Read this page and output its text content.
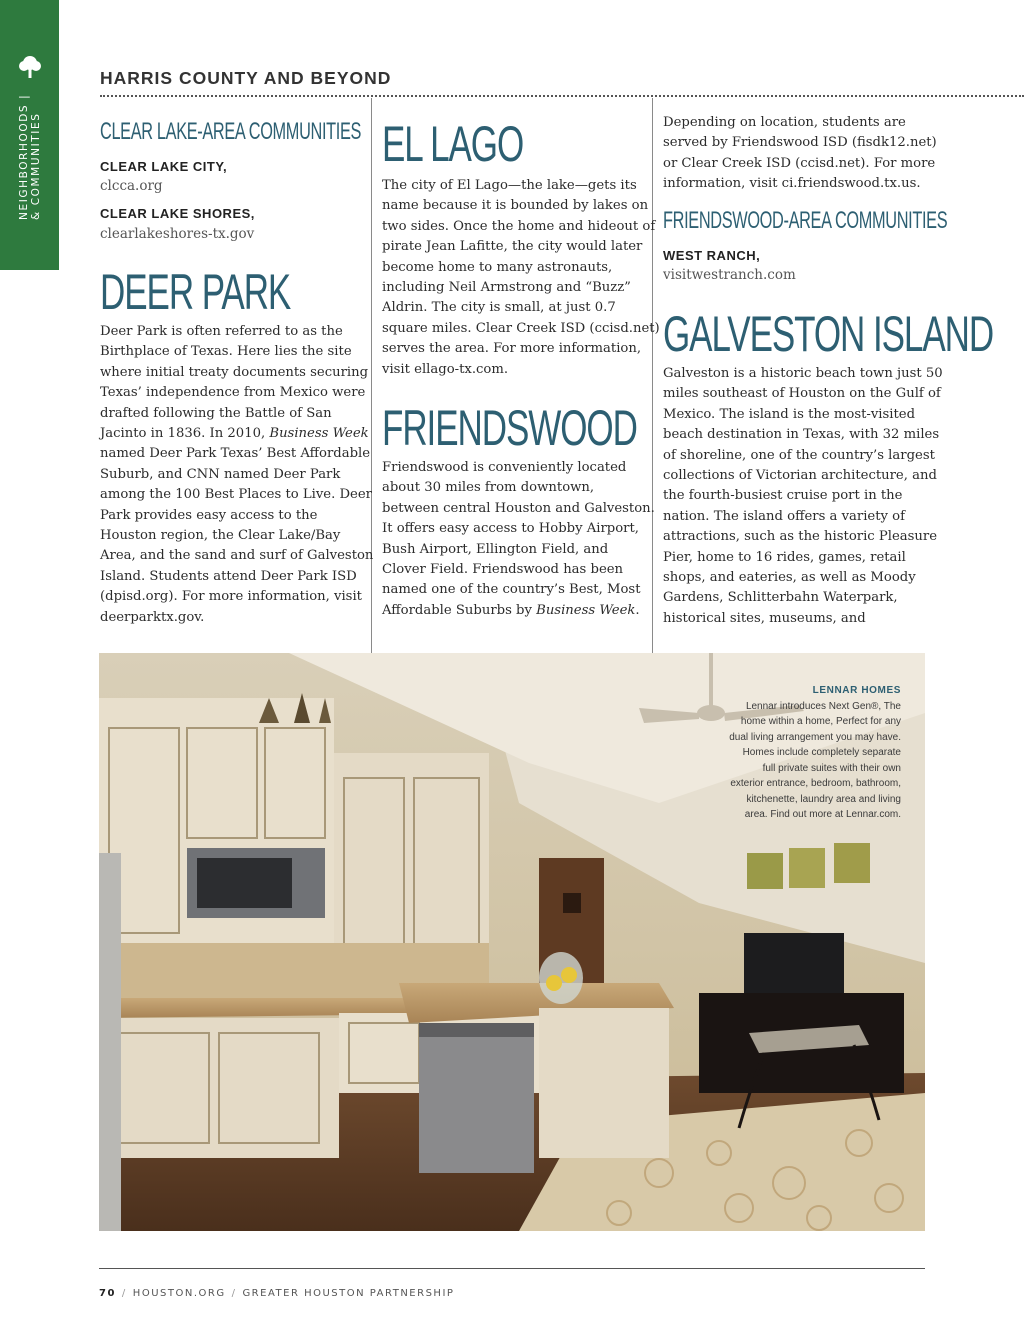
NEIGHBORHOODS | & COMMUNITIES
HARRIS COUNTY AND BEYOND
CLEAR LAKE-AREA COMMUNITIES
CLEAR LAKE CITY,
clcca.org
CLEAR LAKE SHORES,
clearlakeshores-tx.gov
DEER PARK
Deer Park is often referred to as the
Birthplace of Texas. Here lies the site
where initial treaty documents securing
Texas’ independence from Mexico were
drafted following the Battle of San
Jacinto in 1836. In 2010, Business Week
named Deer Park Texas’ Best Affordable
Suburb, and CNN named Deer Park
among the 100 Best Places to Live. Deer
Park provides easy access to the
Houston region, the Clear Lake/Bay
Area, and the sand and surf of Galveston
Island. Students attend Deer Park ISD
(dpisd.org). For more information, visit
deerparktx.gov.
EL LAGO
The city of El Lago—the lake—gets its
name because it is bounded by lakes on
two sides. Once the home and hideout of
pirate Jean Lafitte, the city would later
become home to many astronauts,
including Neil Armstrong and “Buzz”
Aldrin. The city is small, at just 0.7
square miles. Clear Creek ISD (ccisd.net)
serves the area. For more information,
visit ellago-tx.com.
FRIENDSWOOD
Friendswood is conveniently located
about 30 miles from downtown,
between central Houston and Galveston.
It offers easy access to Hobby Airport,
Bush Airport, Ellington Field, and
Clover Field. Friendswood has been
named one of the country’s Best, Most
Affordable Suburbs by Business Week.
Depending on location, students are
served by Friendswood ISD (fisdk12.net)
or Clear Creek ISD (ccisd.net). For more
information, visit ci.friendswood.tx.us.
FRIENDSWOOD-AREA COMMUNITIES
WEST RANCH,
visitwestranch.com
GALVESTON ISLAND
Galveston is a historic beach town just 50
miles southeast of Houston on the Gulf of
Mexico. The island is the most-visited
beach destination in Texas, with 32 miles
of shoreline, one of the country’s largest
collections of Victorian architecture, and
the fourth-busiest cruise port in the
nation. The island offers a variety of
attractions, such as the historic Pleasure
Pier, home to 16 rides, games, retail
shops, and eateries, as well as Moody
Gardens, Schlitterbahn Waterpark,
historical sites, museums, and
LENNAR HOMES
Lennar introduces Next Gen®, The
home within a home, Perfect for any
dual living arrangement you may have.
Homes include completely separate
full private suites with their own
exterior entrance, bedroom, bathroom,
kitchenette, laundry area and living
area. Find out more at Lennar.com.
70 / HOUSTON.ORG / GREATER HOUSTON PARTNERSHIP
